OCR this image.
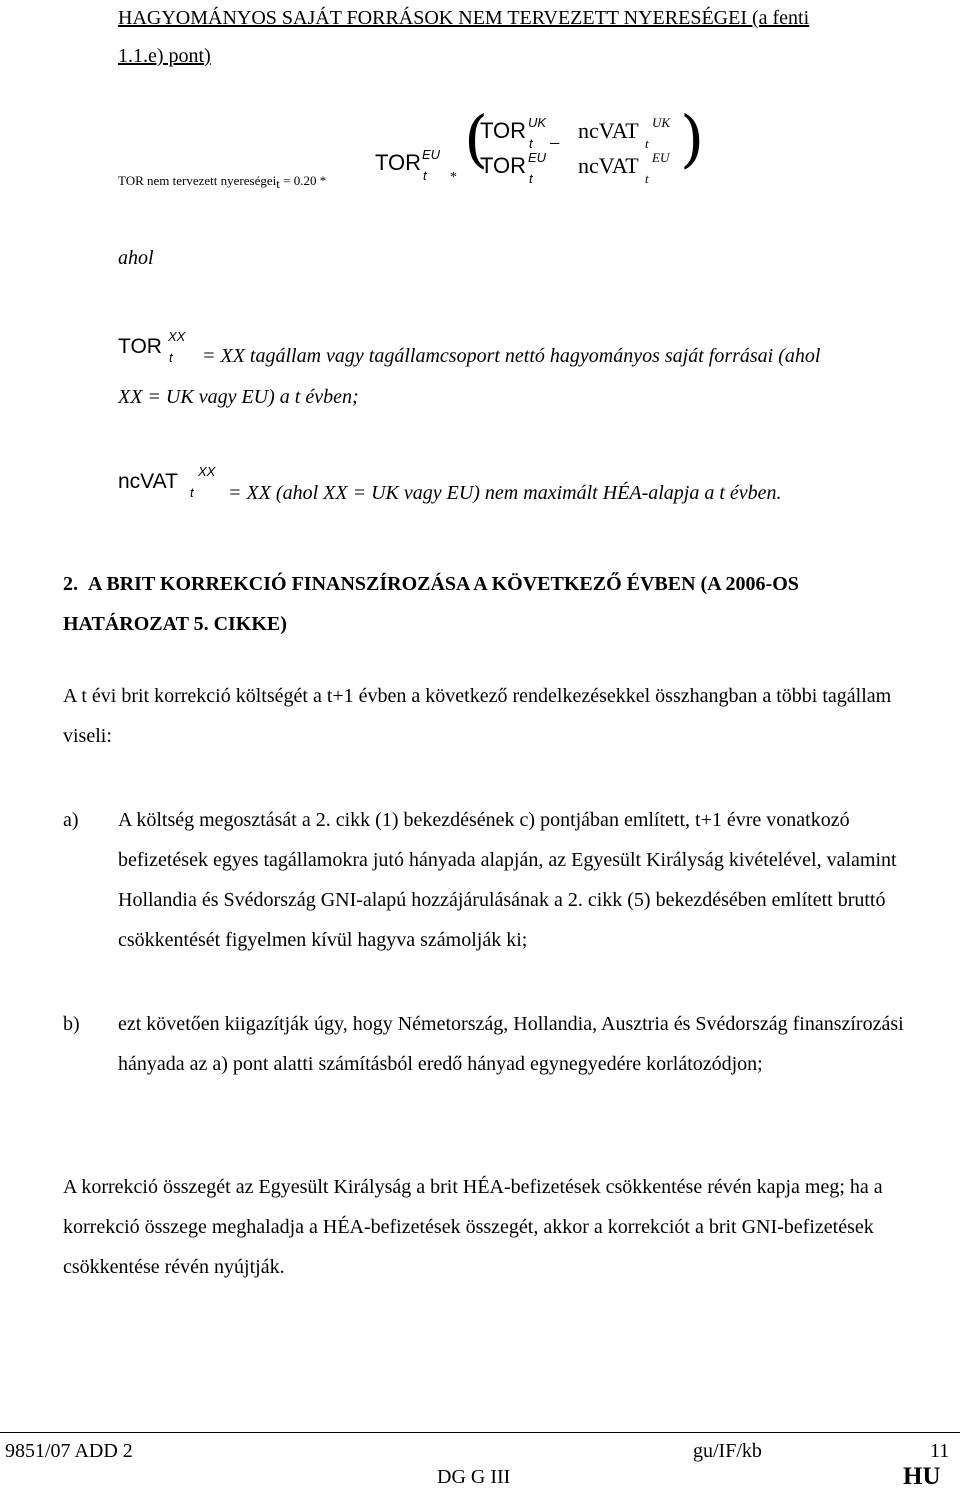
HAGYOMÁNYOS SAJÁT FORRÁSOK NEM TERVEZETT NYERESÉGEI (a fenti
1.1.e) pont)
TOR nem tervezett nyereségeit = 0.20 *
TOR EU
t *
(	)
TOR UK
t
TOR EU
t
−
ncVAT UK
t
ncVAT EU
t
ahol
TOR XX
t = XX tagállam vagy tagállamcsoport nettó hagyományos saját forrásai (ahol
XX = UK vagy EU) a t évben;
ncVAT XX
t = XX (ahol XX = UK vagy EU) nem maximált HÉA-alapja a t évben.
2. A BRIT KORREKCIÓ FINANSZÍROZÁSA A KÖVETKEZŐ ÉVBEN (A 2006-OS
HATÁROZAT 5. CIKKE)
A t évi brit korrekció költségét a t+1 évben a következő rendelkezésekkel összhangban a többi tagállam viseli:
a) A költség megosztását a 2. cikk (1) bekezdésének c) pontjában említett, t+1 évre vonatkozó befizetések egyes tagállamokra jutó hányada alapján, az Egyesült Királyság kivételével, valamint Hollandia és Svédország GNI-alapú hozzájárulásának a 2. cikk (5) bekezdésében említett bruttó csökkentését figyelmen kívül hagyva számolják ki;
b) ezt követően kiigazítják úgy, hogy Németország, Hollandia, Ausztria és Svédország finanszírozási hányada az a) pont alatti számításból eredő hányad egynegyedére korlátozódjon;
A korrekció összegét az Egyesült Királyság a brit HÉA-befizetések csökkentése révén kapja meg; ha a korrekció összege meghaladja a HÉA-befizetések összegét, akkor a korrekciót a brit GNI-befizetések csökkentése révén nyújtják.
9851/07 ADD 2	gu/IF/kb	11
DG G III	HU
